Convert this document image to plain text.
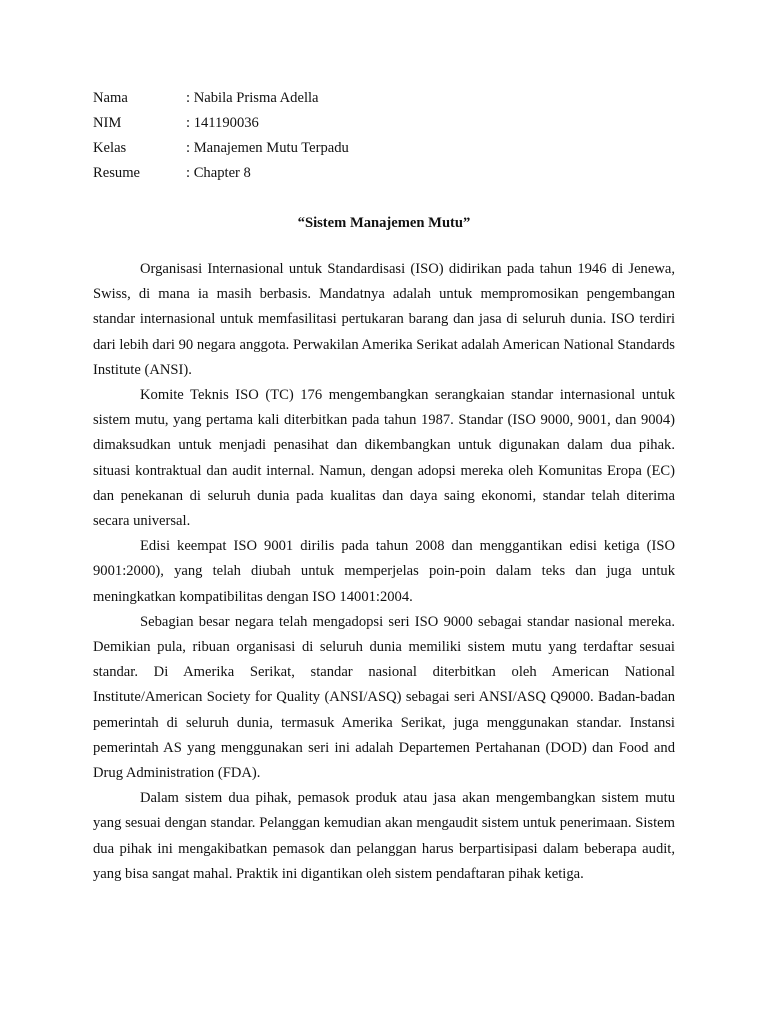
Nama	: Nabila Prisma Adella
NIM	: 141190036
Kelas	: Manajemen Mutu Terpadu
Resume	: Chapter 8
“Sistem Manajemen Mutu”

Organisasi Internasional untuk Standardisasi (ISO) didirikan pada tahun 1946 di Jenewa, Swiss, di mana ia masih berbasis. Mandatnya adalah untuk mempromosikan pengembangan standar internasional untuk memfasilitasi pertukaran barang dan jasa di seluruh dunia. ISO terdiri dari lebih dari 90 negara anggota. Perwakilan Amerika Serikat adalah American National Standards Institute (ANSI).

Komite Teknis ISO (TC) 176 mengembangkan serangkaian standar internasional untuk sistem mutu, yang pertama kali diterbitkan pada tahun 1987. Standar (ISO 9000, 9001, dan 9004) dimaksudkan untuk menjadi penasihat dan dikembangkan untuk digunakan dalam dua pihak. situasi kontraktual dan audit internal. Namun, dengan adopsi mereka oleh Komunitas Eropa (EC) dan penekanan di seluruh dunia pada kualitas dan daya saing ekonomi, standar telah diterima secara universal.

Edisi keempat ISO 9001 dirilis pada tahun 2008 dan menggantikan edisi ketiga (ISO 9001:2000), yang telah diubah untuk memperjelas poin-poin dalam teks dan juga untuk meningkatkan kompatibilitas dengan ISO 14001:2004.

Sebagian besar negara telah mengadopsi seri ISO 9000 sebagai standar nasional mereka. Demikian pula, ribuan organisasi di seluruh dunia memiliki sistem mutu yang terdaftar sesuai standar. Di Amerika Serikat, standar nasional diterbitkan oleh American National Institute/American Society for Quality (ANSI/ASQ) sebagai seri ANSI/ASQ Q9000. Badan-badan pemerintah di seluruh dunia, termasuk Amerika Serikat, juga menggunakan standar. Instansi pemerintah AS yang menggunakan seri ini adalah Departemen Pertahanan (DOD) dan Food and Drug Administration (FDA).

Dalam sistem dua pihak, pemasok produk atau jasa akan mengembangkan sistem mutu yang sesuai dengan standar. Pelanggan kemudian akan mengaudit sistem untuk penerimaan. Sistem dua pihak ini mengakibatkan pemasok dan pelanggan harus berpartisipasi dalam beberapa audit, yang bisa sangat mahal. Praktik ini digantikan oleh sistem pendaftaran pihak ketiga.
